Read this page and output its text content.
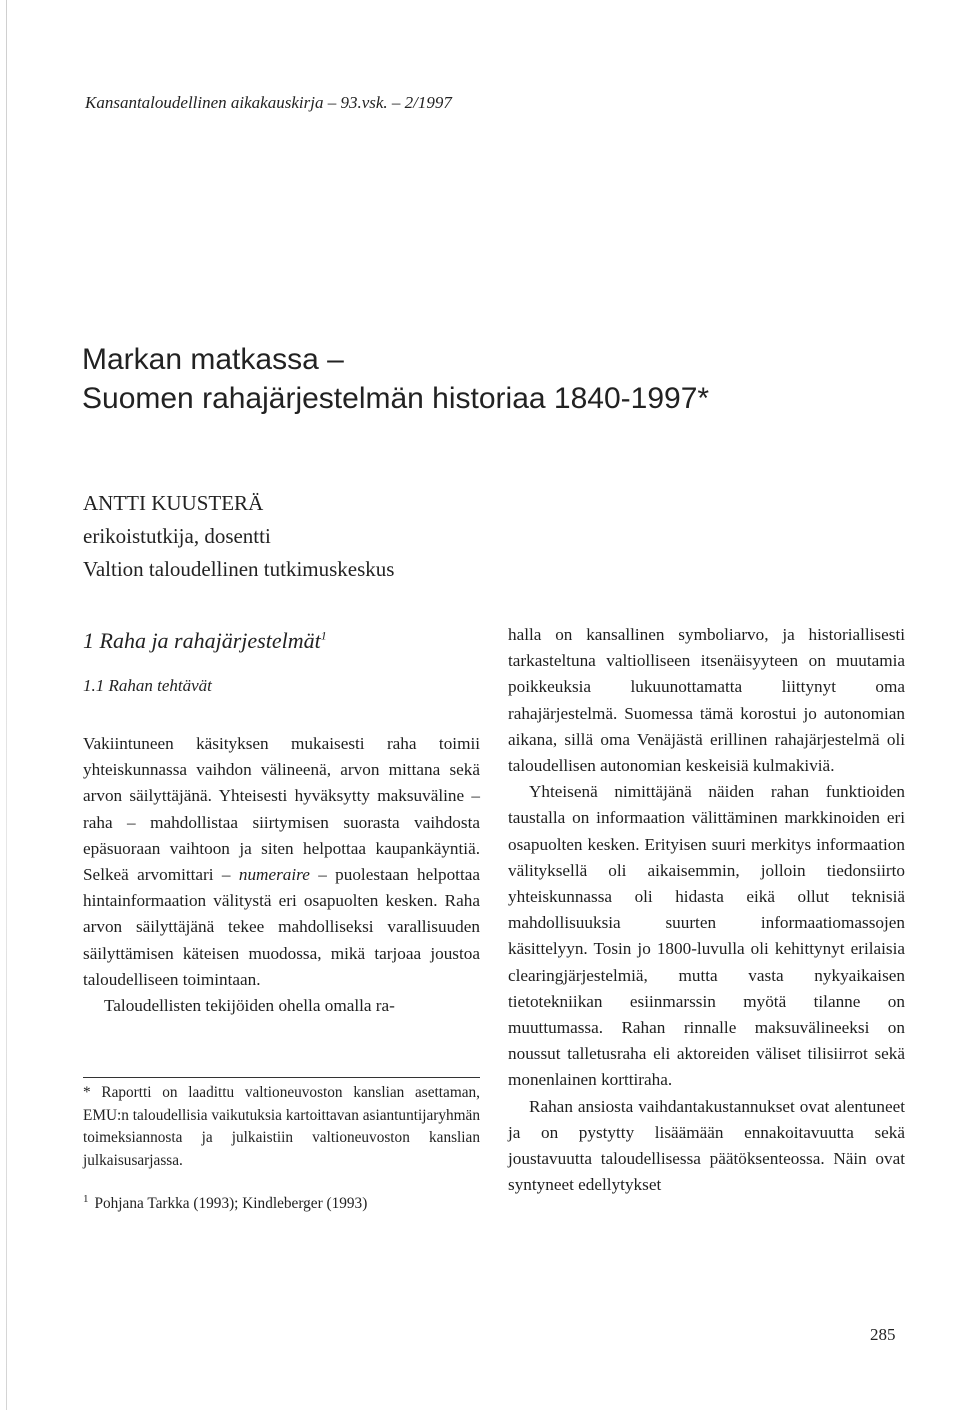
Kansantaloudellinen aikakauskirja – 93.vsk. – 2/1997
Markan matkassa –
Suomen rahajärjestelmän historiaa 1840-1997*
ANTTI KUUSTERÄ
erikoistutkija, dosentti
Valtion taloudellinen tutkimuskeskus
1 Raha ja rahajärjestelmät$^1$
1.1 Rahan tehtävät

Vakiintuneen käsityksen mukaisesti raha toimii yhteiskunnassa vaihdon välineenä, arvon mittana sekä arvon säilyttäjänä. Yhteisesti hyväksytty maksuväline – raha – mahdollistaa siirtymisen suorasta vaihdosta epäsuoraan vaihtoon ja siten helpottaa kaupankäyntiä. Selkeä arvomittari – numeraire – puolestaan helpottaa hintainformaation välitystä eri osapuolten kesken. Raha arvon säilyttäjänä tekee mahdolliseksi varallisuuden säilyttämisen käteisen muodossa, mikä tarjoaa joustoa taloudelliseen toimintaan.

Taloudellisten tekijöiden ohella omalla ra-

* Raportti on laadittu valtioneuvoston kanslian asettaman, EMU:n taloudellisia vaikutuksia kartoittavan asiantuntijaryhmän toimeksiannosta ja julkaistiin valtioneuvoston kanslian julkaisusarjassa.
$^1$ Pohjana Tarkka (1993); Kindleberger (1993)

halla on kansallinen symboliarvo, ja historiallisesti tarkasteltuna valtiolliseen itsenäisyyteen on muutamia poikkeuksia lukuunottamatta liittynyt oma rahajärjestelmä. Suomessa tämä korostui jo autonomian aikana, sillä oma Venäjästä erillinen rahajärjestelmä oli taloudellisen autonomian keskeisiä kulmakiviä.

Yhteisenä nimittäjänä näiden rahan funktioiden taustalla on informaation välittäminen markkinoiden eri osapuolten kesken. Erityisen suuri merkitys informaation välityksellä oli aikaisemmin, jolloin tiedonsiirto yhteiskunnassa oli hidasta eikä ollut teknisiä mahdollisuuksia suurten informaatiomassojen käsittelyyn. Tosin jo 1800-luvulla oli kehittynyt erilaisia clearingjärjestelmiä, mutta vasta nykyaikaisen tietotekniikan esiinmarssin myötä tilanne on muuttumassa. Rahan rinnalle maksuvälineeksi on noussut talletusraha eli aktoreiden väliset tilisiirrot sekä monenlainen korttiraha.

Rahan ansiosta vaihdantakustannukset ovat alentuneet ja on pystytty lisäämään ennakoitavuutta sekä joustavuutta taloudellisessa päätöksenteossa. Näin ovat syntyneet edellytykset

285
